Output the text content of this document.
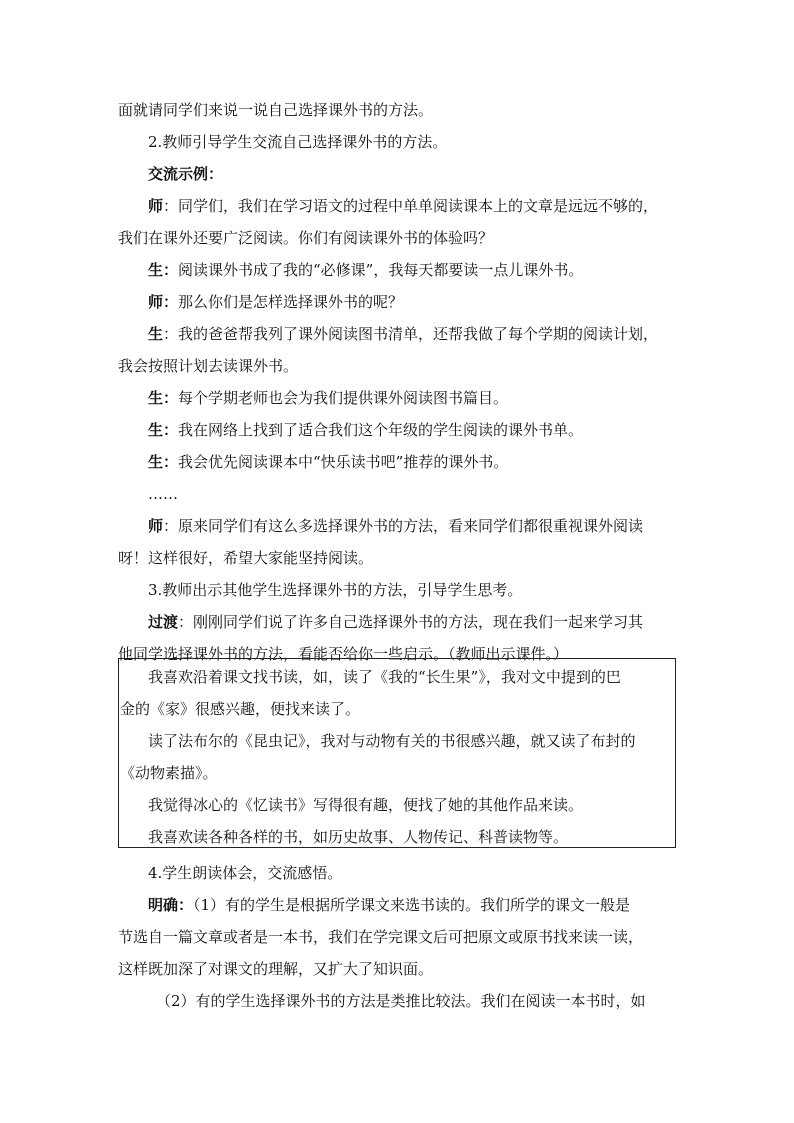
面就请同学们来说一说自己选择课外书的方法。
2.教师引导学生交流自己选择课外书的方法。
交流示例：
师：同学们，我们在学习语文的过程中单单阅读课本上的文章是远远不够的，
我们在课外还要广泛阅读。你们有阅读课外书的体验吗？
生：阅读课外书成了我的“必修课”，我每天都要读一点儿课外书。
师：那么你们是怎样选择课外书的呢？
生：我的爸爸帮我列了课外阅读图书清单，还帮我做了每个学期的阅读计划，
我会按照计划去读课外书。
生：每个学期老师也会为我们提供课外阅读图书篇目。
生：我在网络上找到了适合我们这个年级的学生阅读的课外书单。
生：我会优先阅读课本中“快乐读书吧”推荐的课外书。
……
师：原来同学们有这么多选择课外书的方法，看来同学们都很重视课外阅读
呀！这样很好，希望大家能坚持阅读。
3.教师出示其他学生选择课外书的方法，引导学生思考。
过渡：刚刚同学们说了许多自己选择课外书的方法，现在我们一起来学习其
他同学选择课外书的方法，看能否给你一些启示。（教师出示课件。）
我喜欢沿着课文找书读，如，读了《我的“长生果”》，我对文中提到的巴
金的《家》很感兴趣，便找来读了。
读了法布尔的《昆虫记》，我对与动物有关的书很感兴趣，就又读了布封的
《动物素描》。
我觉得冰心的《忆读书》写得很有趣，便找了她的其他作品来读。
我喜欢读各种各样的书，如历史故事、人物传记、科普读物等。
4.学生朗读体会，交流感悟。
明确：（1）有的学生是根据所学课文来选书读的。我们所学的课文一般是
节选自一篇文章或者是一本书，我们在学完课文后可把原文或原书找来读一读，
这样既加深了对课文的理解，又扩大了知识面。
（2）有的学生选择课外书的方法是类推比较法。我们在阅读一本书时，如
